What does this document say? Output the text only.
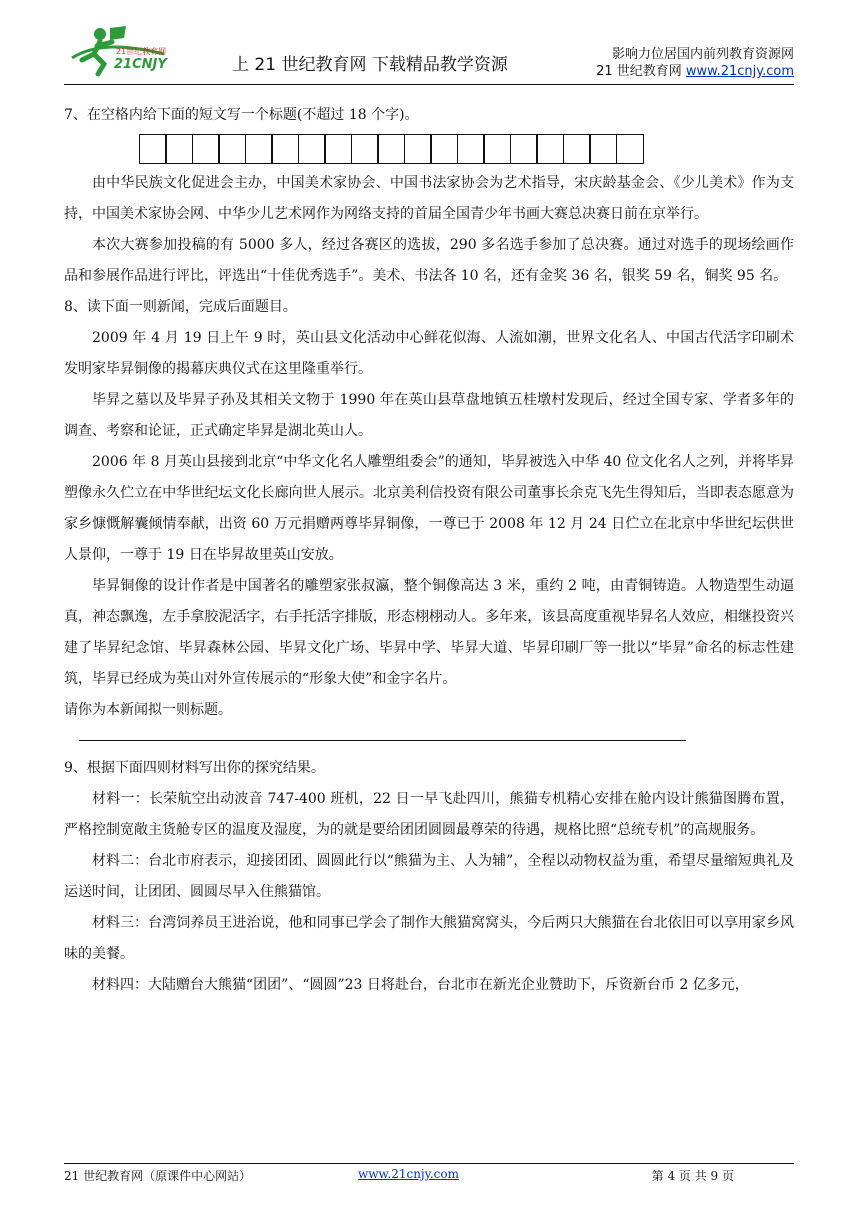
21世纪教育网
21CNJY	上 21 世纪教育网 下载精品教学资源
影响力位居国内前列教育资源网
21 世纪教育网 www.21cnjy.com

7、在空格内给下面的短文写一个标题(不超过 18 个字)。

由中华民族文化促进会主办，中国美术家协会、中国书法家协会为艺术指导，宋庆龄基金会、《少儿美术》作为支持，中国美术家协会网、中华少儿艺术网作为网络支持的首届全国青少年书画大赛总决赛日前在京举行。

本次大赛参加投稿的有 5000 多人，经过各赛区的选拔，290 多名选手参加了总决赛。通过对选手的现场绘画作品和参展作品进行评比，评选出“十佳优秀选手”。美术、书法各 10 名，还有金奖 36 名，银奖 59 名，铜奖 95 名。

8、读下面一则新闻，完成后面题目。

2009 年 4 月 19 日上午 9 时，英山县文化活动中心鲜花似海、人流如潮，世界文化名人、中国古代活字印刷术发明家毕昇铜像的揭幕庆典仪式在这里隆重举行。

毕昇之墓以及毕昇子孙及其相关文物于 1990 年在英山县草盘地镇五桂墩村发现后，经过全国专家、学者多年的调查、考察和论证，正式确定毕昇是湖北英山人。

2006 年 8 月英山县接到北京“中华文化名人雕塑组委会”的通知，毕昇被选入中华 40 位文化名人之列，并将毕昇塑像永久伫立在中华世纪坛文化长廊向世人展示。北京美利信投资有限公司董事长余克飞先生得知后，当即表态愿意为家乡慷慨解囊倾情奉献，出资 60 万元捐赠两尊毕昇铜像，一尊已于 2008 年 12 月 24 日伫立在北京中华世纪坛供世人景仰，一尊于 19 日在毕昇故里英山安放。

毕昇铜像的设计作者是中国著名的雕塑家张叔瀛，整个铜像高达 3 米，重约 2 吨，由青铜铸造。人物造型生动逼真，神态飘逸，左手拿胶泥活字，右手托活字排版，形态栩栩动人。多年来，该县高度重视毕昇名人效应，相继投资兴建了毕昇纪念馆、毕昇森林公园、毕昇文化广场、毕昇中学、毕昇大道、毕昇印刷厂等一批以“毕昇”命名的标志性建筑，毕昇已经成为英山对外宣传展示的“形象大使”和金字名片。

请你为本新闻拟一则标题。

9、根据下面四则材料写出你的探究结果。

材料一：长荣航空出动波音 747-400 班机，22 日一早飞赴四川，熊猫专机精心安排在舱内设计熊猫图腾布置，严格控制宽敞主货舱专区的温度及湿度，为的就是要给团团圆圆最尊荣的待遇，规格比照“总统专机”的高规服务。

材料二：台北市府表示，迎接团团、圆圆此行以“熊猫为主、人为辅”，全程以动物权益为重，希望尽量缩短典礼及运送时间，让团团、圆圆尽早入住熊猫馆。

材料三：台湾饲养员王进治说，他和同事已学会了制作大熊猫窝窝头，今后两只大熊猫在台北依旧可以享用家乡风味的美餐。

材料四：大陆赠台大熊猫“团团”、“圆圆”23 日将赴台，台北市在新光企业赞助下，斥资新台币 2 亿多元，

21 世纪教育网（原课件中心网站）	www.21cnjy.com	第 4 页 共 9 页
